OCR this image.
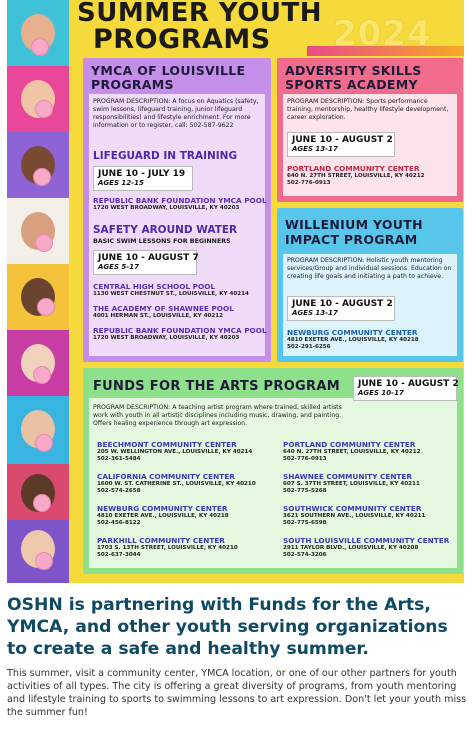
SUMMER YOUTH
PROGRAMS 2024
YMCA OF LOUISVILLE
PROGRAMS
PROGRAM DESCRIPTION: A focus on Aquatics (safety, swim lessons, lifeguard training, junior lifeguard responsibilities) and lifestyle enrichment. For more information or to register, call: 502-587-9622
LIFEGUARD IN TRAINING
JUNE 10 - JULY 19
AGES 12-15
REPUBLIC BANK FOUNDATION YMCA POOL
1720 WEST BROADWAY, LOUISVILLE, KY 40203
SAFETY AROUND WATER
BASIC SWIM LESSONS FOR BEGINNERS
JUNE 10 - AUGUST 7
AGES 5-17
CENTRAL HIGH SCHOOL POOL
1130 WEST CHESTNUT ST., LOUISVILLE, KY 40214
THE ACADEMY OF SHAWNEE POOL
4001 HERMAN ST., LOUISVILLE, KY 40212
REPUBLIC BANK FOUNDATION YMCA POOL
1720 WEST BROADWAY, LOUISVILLE, KY 40203
ADVERSITY SKILLS
SPORTS ACADEMY
PROGRAM DESCRIPTION: Sports performance training, mentorship, healthy lifestyle development, career exploration.
JUNE 10 - AUGUST 2
AGES 13-17
PORTLAND COMMUNITY CENTER
640 N. 27TH STREET, LOUISVILLE, KY 40212
502-776-0913
WILLENIUM YOUTH
IMPACT PROGRAM
PROGRAM DESCRIPTION: Holistic youth mentoring services/Group and individual sessions. Education on creating life goals and initiating a path to achieve.
JUNE 10 - AUGUST 2
AGES 13-17
NEWBURG COMMUNITY CENTER
4810 EXETER AVE., LOUISVILLE, KY 40218
502-291-6256
FUNDS FOR THE ARTS PROGRAM JUNE 10 - AUGUST 2
AGES 10-17
PROGRAM DESCRIPTION: A teaching artist program where trained, skilled artists work with youth in all artistic disciplines including music, drawing, and painting. Offers healing experience through art expression.
BEECHMONT COMMUNITY CENTER
205 W. WELLINGTON AVE., LOUISVILLE, KY 40214
502-361-5484
PORTLAND COMMUNITY CENTER
640 N. 27TH STREET, LOUISVILLE, KY 40212
502-776-0913
CALIFORNIA COMMUNITY CENTER
1600 W. ST. CATHERINE ST., LOUISVILLE, KY 40210
502-574-2658
SHAWNEE COMMUNITY CENTER
607 S. 37TH STREET, LOUISVILLE, KY 40211
502-775-5268
NEWBURG COMMUNITY CENTER
4810 EXETER AVE., LOUISVILLE, KY 40218
502-456-8122
SOUTHWICK COMMUNITY CENTER
3621 SOUTHERN AVE., LOUISVILLE, KY 40211
502-775-6598
PARKHILL COMMUNITY CENTER
1703 S. 13TH STREET, LOUISVILLE, KY 40210
502-637-3044
SOUTH LOUISVILLE COMMUNITY CENTER
2911 TAYLOR BLVD., LOUISVILLE, KY 40208
502-574-3206
OSHN is partnering with Funds for the Arts, YMCA, and other youth serving organizations to create a safe and healthy summer.

This summer, visit a community center, YMCA location, or one of our other partners for youth activities of all types. The city is offering a great diversity of programs, from youth mentoring and lifestyle training to sports to swimming lessons to art expression. Don't let your youth miss the summer fun!
